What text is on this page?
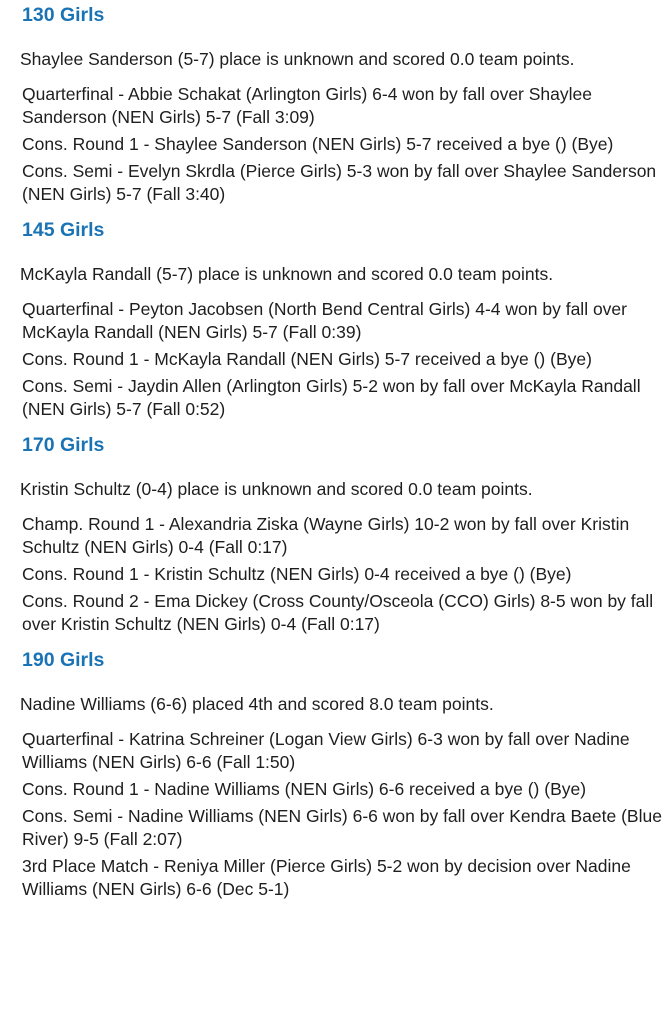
130 Girls

Shaylee Sanderson (5-7) place is unknown and scored 0.0 team points.

Quarterfinal - Abbie Schakat (Arlington Girls) 6-4 won by fall over Shaylee Sanderson (NEN Girls) 5-7 (Fall 3:09)

Cons. Round 1 - Shaylee Sanderson (NEN Girls) 5-7 received a bye () (Bye)

Cons. Semi - Evelyn Skrdla (Pierce Girls) 5-3 won by fall over Shaylee Sanderson (NEN Girls) 5-7 (Fall 3:40)

145 Girls

McKayla Randall (5-7) place is unknown and scored 0.0 team points.

Quarterfinal - Peyton Jacobsen (North Bend Central Girls) 4-4 won by fall over McKayla Randall (NEN Girls) 5-7 (Fall 0:39)

Cons. Round 1 - McKayla Randall (NEN Girls) 5-7 received a bye () (Bye)

Cons. Semi - Jaydin Allen (Arlington Girls) 5-2 won by fall over McKayla Randall (NEN Girls) 5-7 (Fall 0:52)

170 Girls

Kristin Schultz (0-4) place is unknown and scored 0.0 team points.

Champ. Round 1 - Alexandria Ziska (Wayne Girls) 10-2 won by fall over Kristin Schultz (NEN Girls) 0-4 (Fall 0:17)

Cons. Round 1 - Kristin Schultz (NEN Girls) 0-4 received a bye () (Bye)

Cons. Round 2 - Ema Dickey (Cross County/Osceola (CCO) Girls) 8-5 won by fall over Kristin Schultz (NEN Girls) 0-4 (Fall 0:17)

190 Girls

Nadine Williams (6-6) placed 4th and scored 8.0 team points.

Quarterfinal - Katrina Schreiner (Logan View Girls) 6-3 won by fall over Nadine Williams (NEN Girls) 6-6 (Fall 1:50)

Cons. Round 1 - Nadine Williams (NEN Girls) 6-6 received a bye () (Bye)

Cons. Semi - Nadine Williams (NEN Girls) 6-6 won by fall over Kendra Baete (Blue River) 9-5 (Fall 2:07)

3rd Place Match - Reniya Miller (Pierce Girls) 5-2 won by decision over Nadine Williams (NEN Girls) 6-6 (Dec 5-1)
